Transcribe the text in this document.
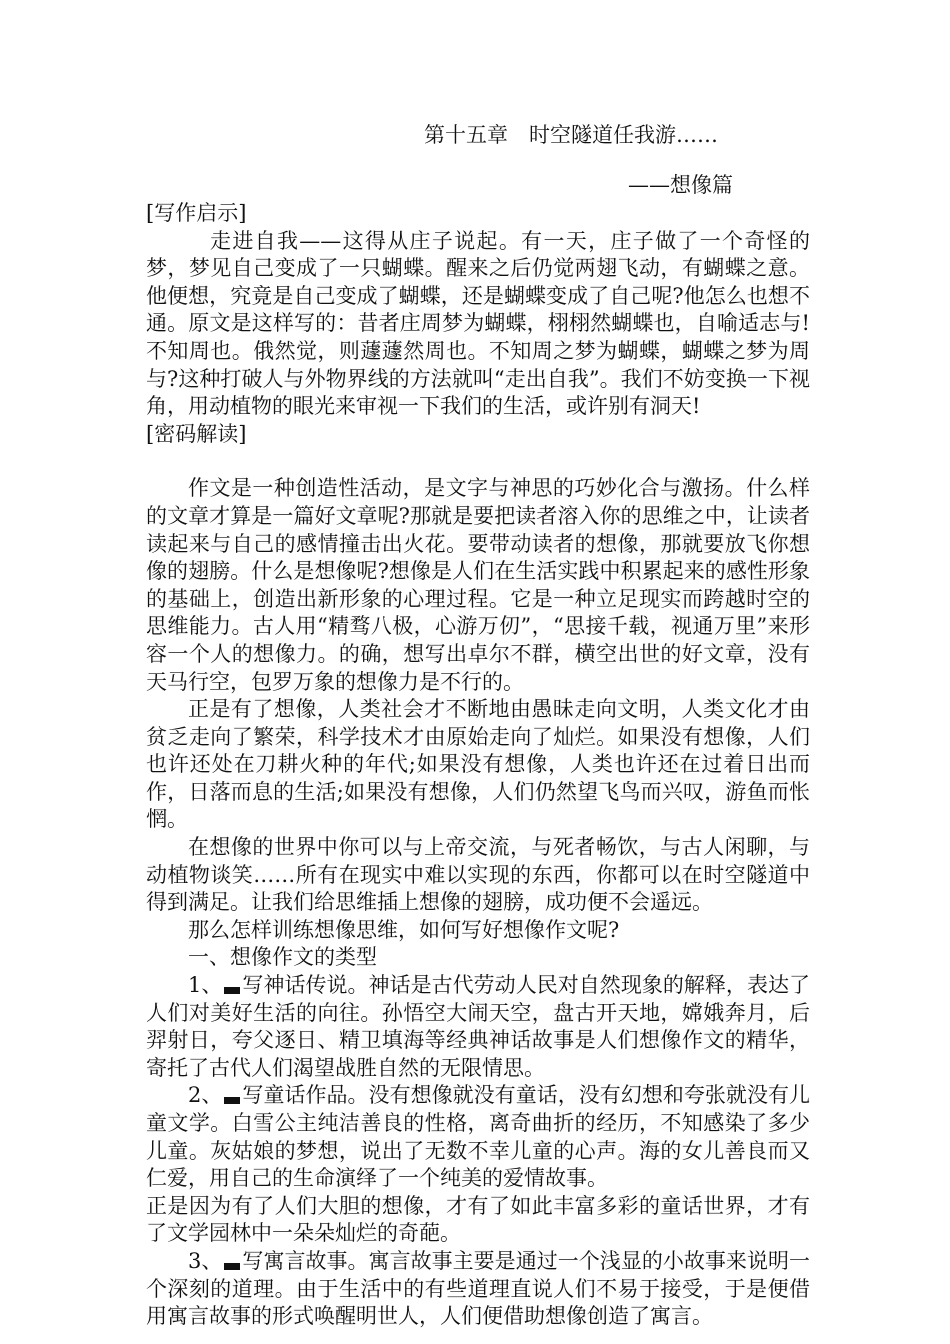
第十五章　时空隧道任我游……
——想像篇
[写作启示]

走进自我——这得从庄子说起。有一天，庄子做了一个奇怪的梦，梦见自己变成了一只蝴蝶。醒来之后仍觉两翅飞动，有蝴蝶之意。他便想，究竟是自己变成了蝴蝶，还是蝴蝶变成了自己呢?他怎么也想不通。原文是这样写的：昔者庄周梦为蝴蝶，栩栩然蝴蝶也，自喻适志与!不知周也。俄然觉，则蘧蘧然周也。不知周之梦为蝴蝶，蝴蝶之梦为周与?这种打破人与外物界线的方法就叫“走出自我”。我们不妨变换一下视角，用动植物的眼光来审视一下我们的生活，或许别有洞天!

[密码解读]

作文是一种创造性活动，是文字与神思的巧妙化合与激扬。什么样的文章才算是一篇好文章呢?那就是要把读者溶入你的思维之中，让读者读起来与自己的感情撞击出火花。要带动读者的想像，那就要放飞你想像的翅膀。什么是想像呢?想像是人们在生活实践中积累起来的感性形象的基础上，创造出新形象的心理过程。它是一种立足现实而跨越时空的思维能力。古人用“精骛八极，心游万仞”，“思接千载，视通万里”来形容一个人的想像力。的确，想写出卓尔不群，横空出世的好文章，没有天马行空，包罗万象的想像力是不行的。

正是有了想像，人类社会才不断地由愚昧走向文明，人类文化才由贫乏走向了繁荣，科学技术才由原始走向了灿烂。如果没有想像，人们也许还处在刀耕火种的年代;如果没有想像，人类也许还在过着日出而作，日落而息的生活;如果没有想像，人们仍然望飞鸟而兴叹，游鱼而怅惘。

在想像的世界中你可以与上帝交流，与死者畅饮，与古人闲聊，与动植物谈笑……所有在现实中难以实现的东西，你都可以在时空隧道中得到满足。让我们给思维插上想像的翅膀，成功便不会遥远。

那么怎样训练想像思维，如何写好想像作文呢?

一、想像作文的类型

1、 写神话传说。神话是古代劳动人民对自然现象的解释，表达了人们对美好生活的向往。孙悟空大闹天空，盘古开天地，嫦娥奔月，后羿射日，夸父逐日、精卫填海等经典神话故事是人们想像作文的精华，寄托了古代人们渴望战胜自然的无限情思。

2、 写童话作品。没有想像就没有童话，没有幻想和夸张就没有儿童文学。白雪公主纯洁善良的性格，离奇曲折的经历，不知感染了多少儿童。灰姑娘的梦想，说出了无数不幸儿童的心声。海的女儿善良而又仁爱，用自己的生命演绎了一个纯美的爱情故事。

正是因为有了人们大胆的想像，才有了如此丰富多彩的童话世界，才有了文学园林中一朵朵灿烂的奇葩。

3、 写寓言故事。寓言故事主要是通过一个浅显的小故事来说明一个深刻的道理。由于生活中的有些道理直说人们不易于接受，于是便借用寓言故事的形式唤醒明世人，人们便借助想像创造了寓言。
